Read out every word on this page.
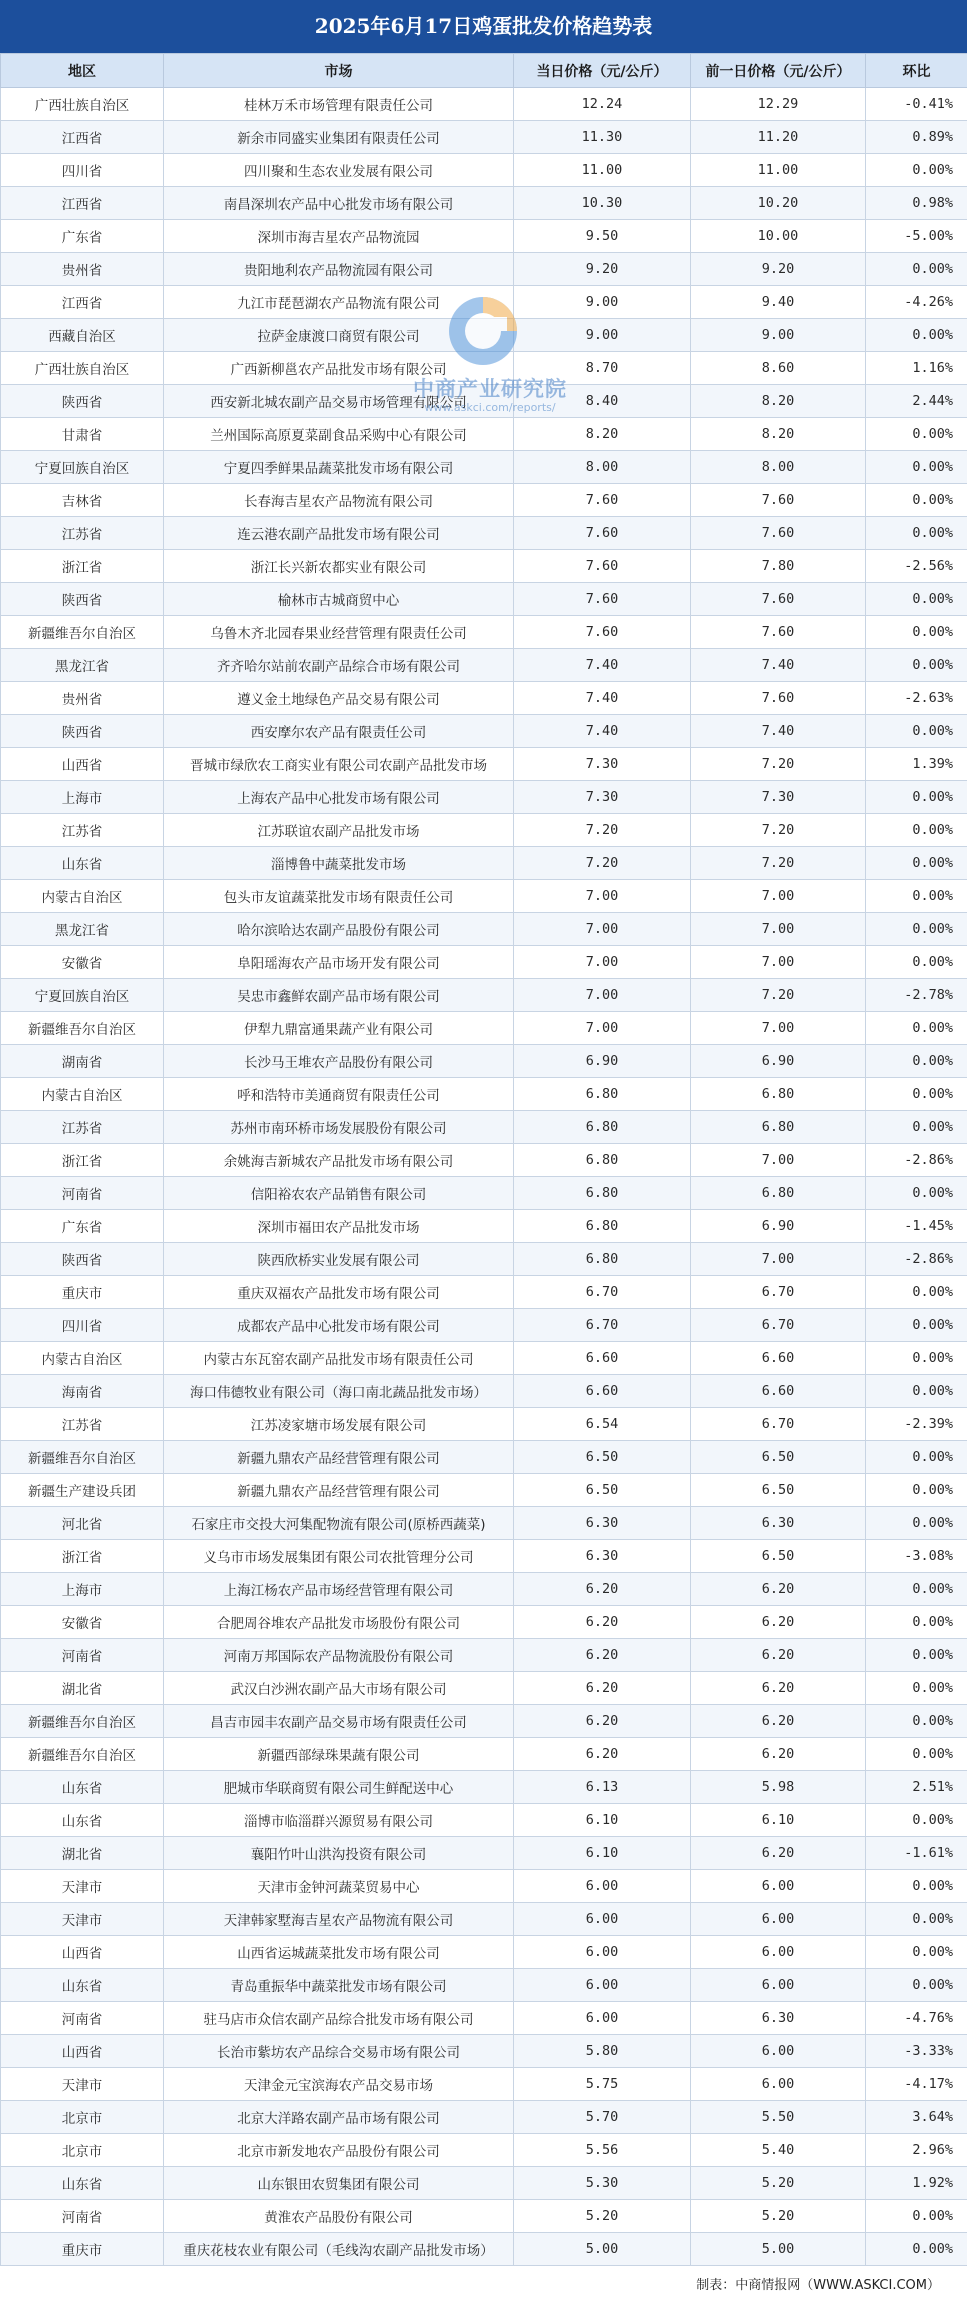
2025年6月17日鸡蛋批发价格趋势表
地区	市场	当日价格（元/公斤）	前一日价格（元/公斤）	环比
广西壮族自治区	桂林万禾市场管理有限责任公司	12.24	12.29	-0.41%
江西省	新余市同盛实业集团有限责任公司	11.30	11.20	0.89%
四川省	四川聚和生态农业发展有限公司	11.00	11.00	0.00%
江西省	南昌深圳农产品中心批发市场有限公司	10.30	10.20	0.98%
广东省	深圳市海吉星农产品物流园	9.50	10.00	-5.00%
贵州省	贵阳地利农产品物流园有限公司	9.20	9.20	0.00%
江西省	九江市琵琶湖农产品物流有限公司	9.00	9.40	-4.26%
西藏自治区	拉萨金康渡口商贸有限公司	9.00	9.00	0.00%
广西壮族自治区	广西新柳邕农产品批发市场有限公司	8.70	8.60	1.16%
陕西省	西安新北城农副产品交易市场管理有限公司	8.40	8.20	2.44%
甘肃省	兰州国际高原夏菜副食品采购中心有限公司	8.20	8.20	0.00%
宁夏回族自治区	宁夏四季鲜果品蔬菜批发市场有限公司	8.00	8.00	0.00%
吉林省	长春海吉星农产品物流有限公司	7.60	7.60	0.00%
江苏省	连云港农副产品批发市场有限公司	7.60	7.60	0.00%
浙江省	浙江长兴新农都实业有限公司	7.60	7.80	-2.56%
陕西省	榆林市古城商贸中心	7.60	7.60	0.00%
新疆维吾尔自治区	乌鲁木齐北园春果业经营管理有限责任公司	7.60	7.60	0.00%
黑龙江省	齐齐哈尔站前农副产品综合市场有限公司	7.40	7.40	0.00%
贵州省	遵义金土地绿色产品交易有限公司	7.40	7.60	-2.63%
陕西省	西安摩尔农产品有限责任公司	7.40	7.40	0.00%
山西省	晋城市绿欣农工商实业有限公司农副产品批发市场	7.30	7.20	1.39%
上海市	上海农产品中心批发市场有限公司	7.30	7.30	0.00%
江苏省	江苏联谊农副产品批发市场	7.20	7.20	0.00%
山东省	淄博鲁中蔬菜批发市场	7.20	7.20	0.00%
内蒙古自治区	包头市友谊蔬菜批发市场有限责任公司	7.00	7.00	0.00%
黑龙江省	哈尔滨哈达农副产品股份有限公司	7.00	7.00	0.00%
安徽省	阜阳瑶海农产品市场开发有限公司	7.00	7.00	0.00%
宁夏回族自治区	吴忠市鑫鲜农副产品市场有限公司	7.00	7.20	-2.78%
新疆维吾尔自治区	伊犁九鼎富通果蔬产业有限公司	7.00	7.00	0.00%
湖南省	长沙马王堆农产品股份有限公司	6.90	6.90	0.00%
内蒙古自治区	呼和浩特市美通商贸有限责任公司	6.80	6.80	0.00%
江苏省	苏州市南环桥市场发展股份有限公司	6.80	6.80	0.00%
浙江省	余姚海吉新城农产品批发市场有限公司	6.80	7.00	-2.86%
河南省	信阳裕农农产品销售有限公司	6.80	6.80	0.00%
广东省	深圳市福田农产品批发市场	6.80	6.90	-1.45%
陕西省	陕西欣桥实业发展有限公司	6.80	7.00	-2.86%
重庆市	重庆双福农产品批发市场有限公司	6.70	6.70	0.00%
四川省	成都农产品中心批发市场有限公司	6.70	6.70	0.00%
内蒙古自治区	内蒙古东瓦窑农副产品批发市场有限责任公司	6.60	6.60	0.00%
海南省	海口伟德牧业有限公司（海口南北蔬品批发市场）	6.60	6.60	0.00%
江苏省	江苏凌家塘市场发展有限公司	6.54	6.70	-2.39%
新疆维吾尔自治区	新疆九鼎农产品经营管理有限公司	6.50	6.50	0.00%
新疆生产建设兵团	新疆九鼎农产品经营管理有限公司	6.50	6.50	0.00%
河北省	石家庄市交投大河集配物流有限公司(原桥西蔬菜)	6.30	6.30	0.00%
浙江省	义乌市市场发展集团有限公司农批管理分公司	6.30	6.50	-3.08%
上海市	上海江杨农产品市场经营管理有限公司	6.20	6.20	0.00%
安徽省	合肥周谷堆农产品批发市场股份有限公司	6.20	6.20	0.00%
河南省	河南万邦国际农产品物流股份有限公司	6.20	6.20	0.00%
湖北省	武汉白沙洲农副产品大市场有限公司	6.20	6.20	0.00%
新疆维吾尔自治区	昌吉市园丰农副产品交易市场有限责任公司	6.20	6.20	0.00%
新疆维吾尔自治区	新疆西部绿珠果蔬有限公司	6.20	6.20	0.00%
山东省	肥城市华联商贸有限公司生鲜配送中心	6.13	5.98	2.51%
山东省	淄博市临淄群兴源贸易有限公司	6.10	6.10	0.00%
湖北省	襄阳竹叶山洪沟投资有限公司	6.10	6.20	-1.61%
天津市	天津市金钟河蔬菜贸易中心	6.00	6.00	0.00%
天津市	天津韩家墅海吉星农产品物流有限公司	6.00	6.00	0.00%
山西省	山西省运城蔬菜批发市场有限公司	6.00	6.00	0.00%
山东省	青岛重振华中蔬菜批发市场有限公司	6.00	6.00	0.00%
河南省	驻马店市众信农副产品综合批发市场有限公司	6.00	6.30	-4.76%
山西省	长治市紫坊农产品综合交易市场有限公司	5.80	6.00	-3.33%
天津市	天津金元宝滨海农产品交易市场	5.75	6.00	-4.17%
北京市	北京大洋路农副产品市场有限公司	5.70	5.50	3.64%
北京市	北京市新发地农产品股份有限公司	5.56	5.40	2.96%
山东省	山东银田农贸集团有限公司	5.30	5.20	1.92%
河南省	黄淮农产品股份有限公司	5.20	5.20	0.00%
重庆市	重庆花枝农业有限公司（毛线沟农副产品批发市场）	5.00	5.00	0.00%
中商产业研究院
www.askci.com/reports/
制表：中商情报网（WWW.ASKCI.COM）
